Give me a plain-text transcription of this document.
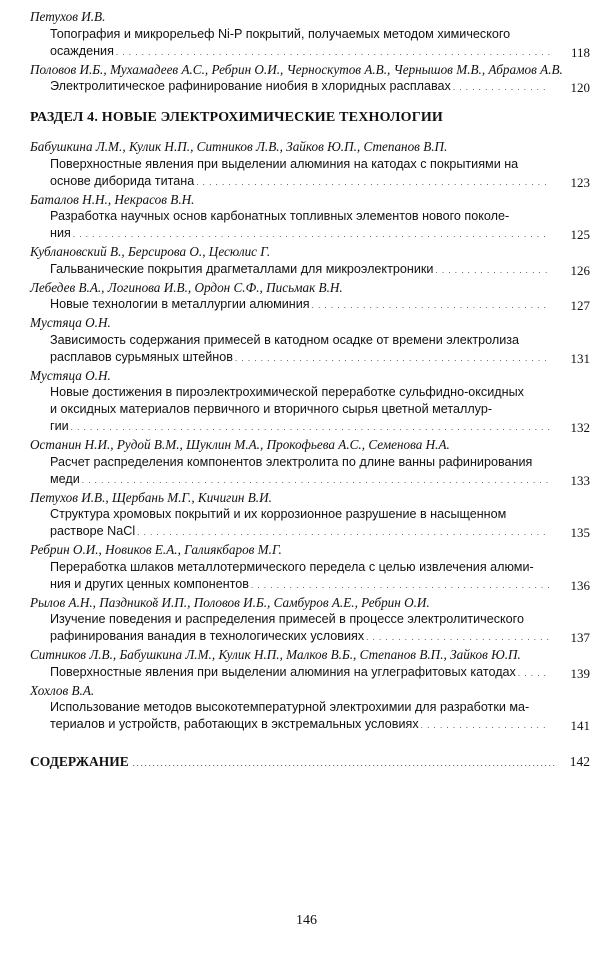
Петухов И.В.
Топография и микрорельеф Ni-P покрытий, получаемых методом химического
осаждения . . .	118
Половов И.Б., Мухамадеев А.С., Ребрин О.И., Черноскутов А.В., Чернышов М.В., Абрамов А.В.
Электролитическое рафинирование ниобия в хлоридных расплавах . . .	120
РАЗДЕЛ 4. НОВЫЕ ЭЛЕКТРОХИМИЧЕСКИЕ ТЕХНОЛОГИИ
Бабушкина Л.М., Кулик Н.П., Ситников Л.В., Зайков Ю.П., Степанов В.П.
Поверхностные явления при выделении алюминия на катодах с покрытиями на
основе диборида титана . . .	123
Баталов Н.Н., Некрасов В.Н.
Разработка научных основ карбонатных топливных элементов нового поколе-
ния . . .	125
Кублановский В., Берсирова О., Цесюлис Г.
Гальванические покрытия драгметаллами для микроэлектроники . . .	126
Лебедев В.А., Логинова И.В., Ордон С.Ф., Письмак В.Н.
Новые технологии в металлургии алюминия . . .	127
Мустяца О.Н.
Зависимость содержания примесей в катодном осадке от времени электролиза
расплавов сурьмяных штейнов . . .	131
Мустяца О.Н.
Новые достижения в пироэлектрохимической переработке сульфидно-оксидных
и оксидных материалов первичного и вторичного сырья цветной металлур-
гии . . .	132
Останин Н.И., Рудой В.М., Шуклин М.А., Прокофьева А.С., Семенова Н.А.
Расчет распределения компонентов электролита по длине ванны рафинирования
меди . . .	133
Петухов И.В., Щербань М.Г., Кичигин В.И.
Структура хромовых покрытий и их коррозионное разрушение в насыщенном
растворе NaCl . . .	135
Ребрин О.И., Новиков Е.А., Галиякбаров М.Г.
Переработка шлаков металлотермического передела с целью извлечения алюми-
ния и других ценных компонентов . . .	136
Рылов А.Н., Пазднико̆в И.П., Половов И.Б., Самбуров А.Е., Ребрин О.И.
Изучение поведения и распределения примесей в процессе электролитического
рафинирования ванадия в технологических условиях . . .	137
Ситников Л.В., Бабушкина Л.М., Кулик Н.П., Малков В.Б., Степанов В.П., Зайков Ю.П.
Поверхностные явления при выделении алюминия на углеграфитовых катодах . . .	139
Хохлов В.А.
Использование методов высокотемпературной электрохимии для разработки ма-
териалов и устройств, работающих в экстремальных условиях . . .	141
СОДЕРЖАНИЕ . . .	142
146
